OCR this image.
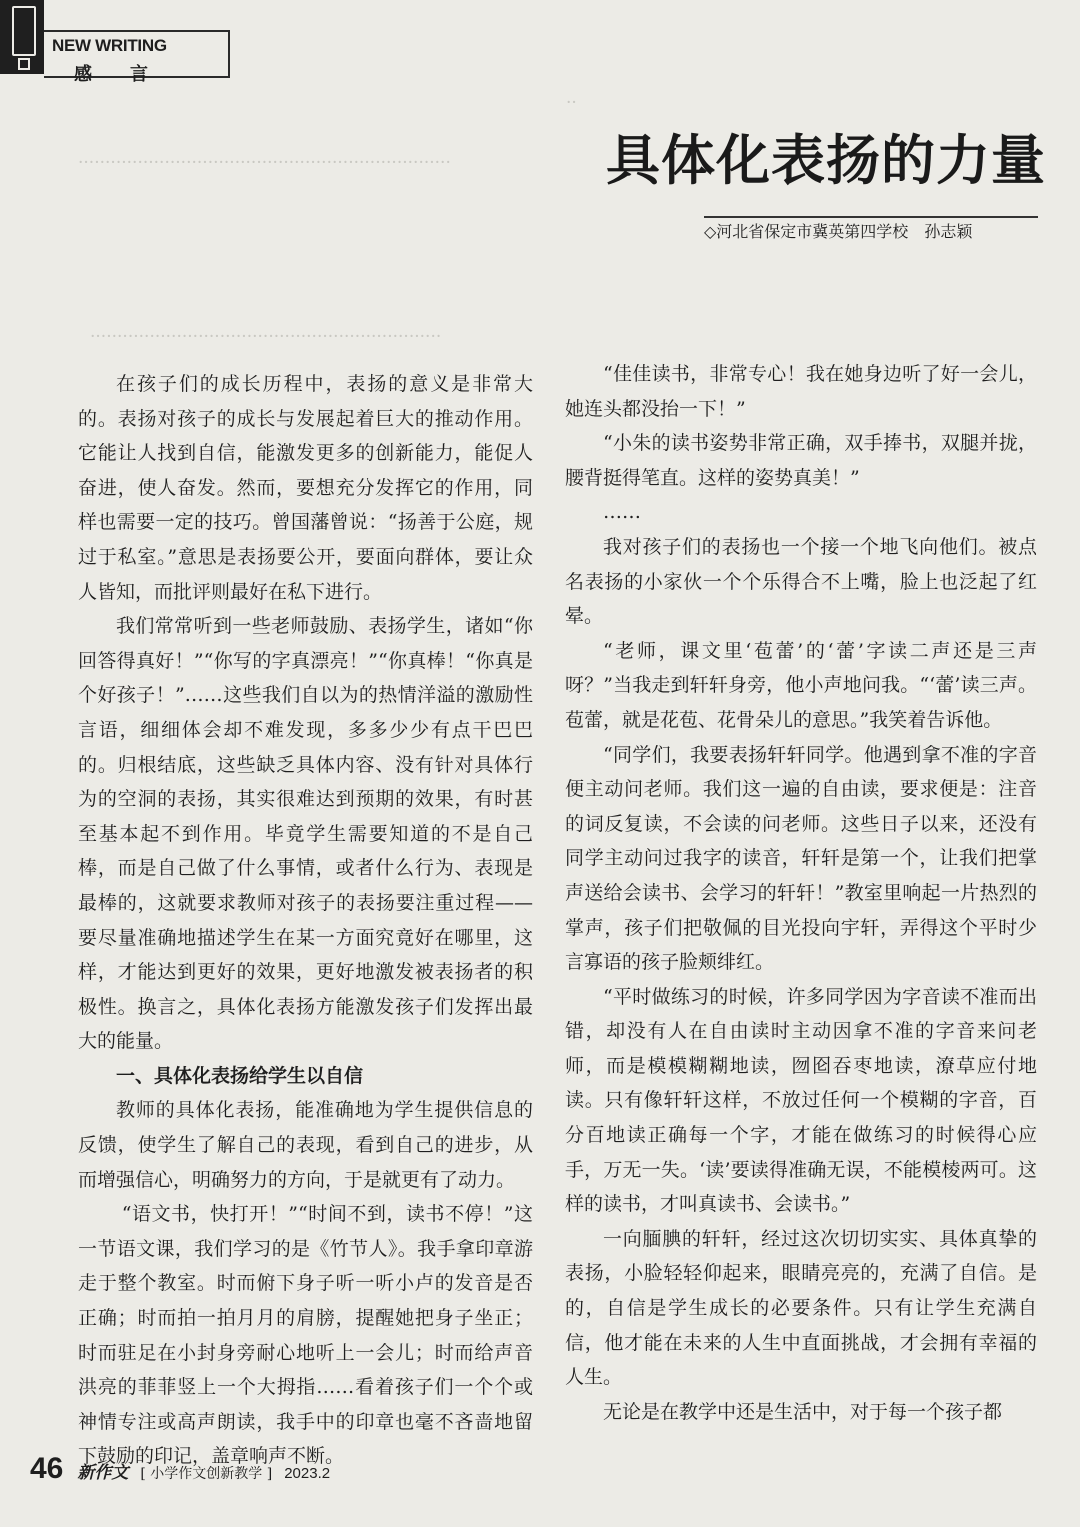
·····································································
·································································
··
NEW WRITING
感言
具体化表扬的力量
◇河北省保定市冀英第四学校 孙志颖

在孩子们的成长历程中，表扬的意义是非常大的。表扬对孩子的成长与发展起着巨大的推动作用。它能让人找到自信，能激发更多的创新能力，能促人奋进，使人奋发。然而，要想充分发挥它的作用，同样也需要一定的技巧。曾国藩曾说：“扬善于公庭，规过于私室。”意思是表扬要公开，要面向群体，要让众人皆知，而批评则最好在私下进行。

我们常常听到一些老师鼓励、表扬学生，诸如“你回答得真好！”“你写的字真漂亮！”“你真棒！“你真是个好孩子！”……这些我们自以为的热情洋溢的激励性言语，细细体会却不难发现，多多少少有点干巴巴的。归根结底，这些缺乏具体内容、没有针对具体行为的空洞的表扬，其实很难达到预期的效果，有时甚至基本起不到作用。毕竟学生需要知道的不是自己棒，而是自己做了什么事情，或者什么行为、表现是最棒的，这就要求教师对孩子的表扬要注重过程——要尽量准确地描述学生在某一方面究竟好在哪里，这样，才能达到更好的效果，更好地激发被表扬者的积极性。换言之，具体化表扬方能激发孩子们发挥出最大的能量。

一、具体化表扬给学生以自信

教师的具体化表扬，能准确地为学生提供信息的反馈，使学生了解自己的表现，看到自己的进步，从而增强信心，明确努力的方向，于是就更有了动力。

“语文书，快打开！”“时间不到，读书不停！”这一节语文课，我们学习的是《竹节人》。我手拿印章游走于整个教室。时而俯下身子听一听小卢的发音是否正确；时而拍一拍月月的肩膀，提醒她把身子坐正；时而驻足在小封身旁耐心地听上一会儿；时而给声音洪亮的菲菲竖上一个大拇指……看着孩子们一个个或神情专注或高声朗读，我手中的印章也毫不吝啬地留下鼓励的印记，盖章响声不断。

“佳佳读书，非常专心！我在她身边听了好一会儿，她连头都没抬一下！”

“小朱的读书姿势非常正确，双手捧书，双腿并拢，腰背挺得笔直。这样的姿势真美！”

……

我对孩子们的表扬也一个接一个地飞向他们。被点名表扬的小家伙一个个乐得合不上嘴，脸上也泛起了红晕。

“老师，课文里‘苞蕾’的‘蕾’字读二声还是三声呀？”当我走到轩轩身旁，他小声地问我。“‘蕾’读三声。苞蕾，就是花苞、花骨朵儿的意思。”我笑着告诉他。

“同学们，我要表扬轩轩同学。他遇到拿不准的字音便主动问老师。我们这一遍的自由读，要求便是：注音的词反复读，不会读的问老师。这些日子以来，还没有同学主动问过我字的读音，轩轩是第一个，让我们把掌声送给会读书、会学习的轩轩！”教室里响起一片热烈的掌声，孩子们把敬佩的目光投向宇轩，弄得这个平时少言寡语的孩子脸颊绯红。

“平时做练习的时候，许多同学因为字音读不准而出错，却没有人在自由读时主动因拿不准的字音来问老师，而是模模糊糊地读，囫囵吞枣地读，潦草应付地读。只有像轩轩这样，不放过任何一个模糊的字音，百分百地读正确每一个字，才能在做练习的时候得心应手，万无一失。‘读’要读得准确无误，不能模棱两可。这样的读书，才叫真读书、会读书。”

一向腼腆的轩轩，经过这次切切实实、具体真挚的表扬，小脸轻轻仰起来，眼睛亮亮的，充满了自信。是的，自信是学生成长的必要条件。只有让学生充满自信，他才能在未来的人生中直面挑战，才会拥有幸福的人生。

无论是在教学中还是生活中，对于每一个孩子都

46 新作文 [ 小学作文创新教学 ] 2023.2
